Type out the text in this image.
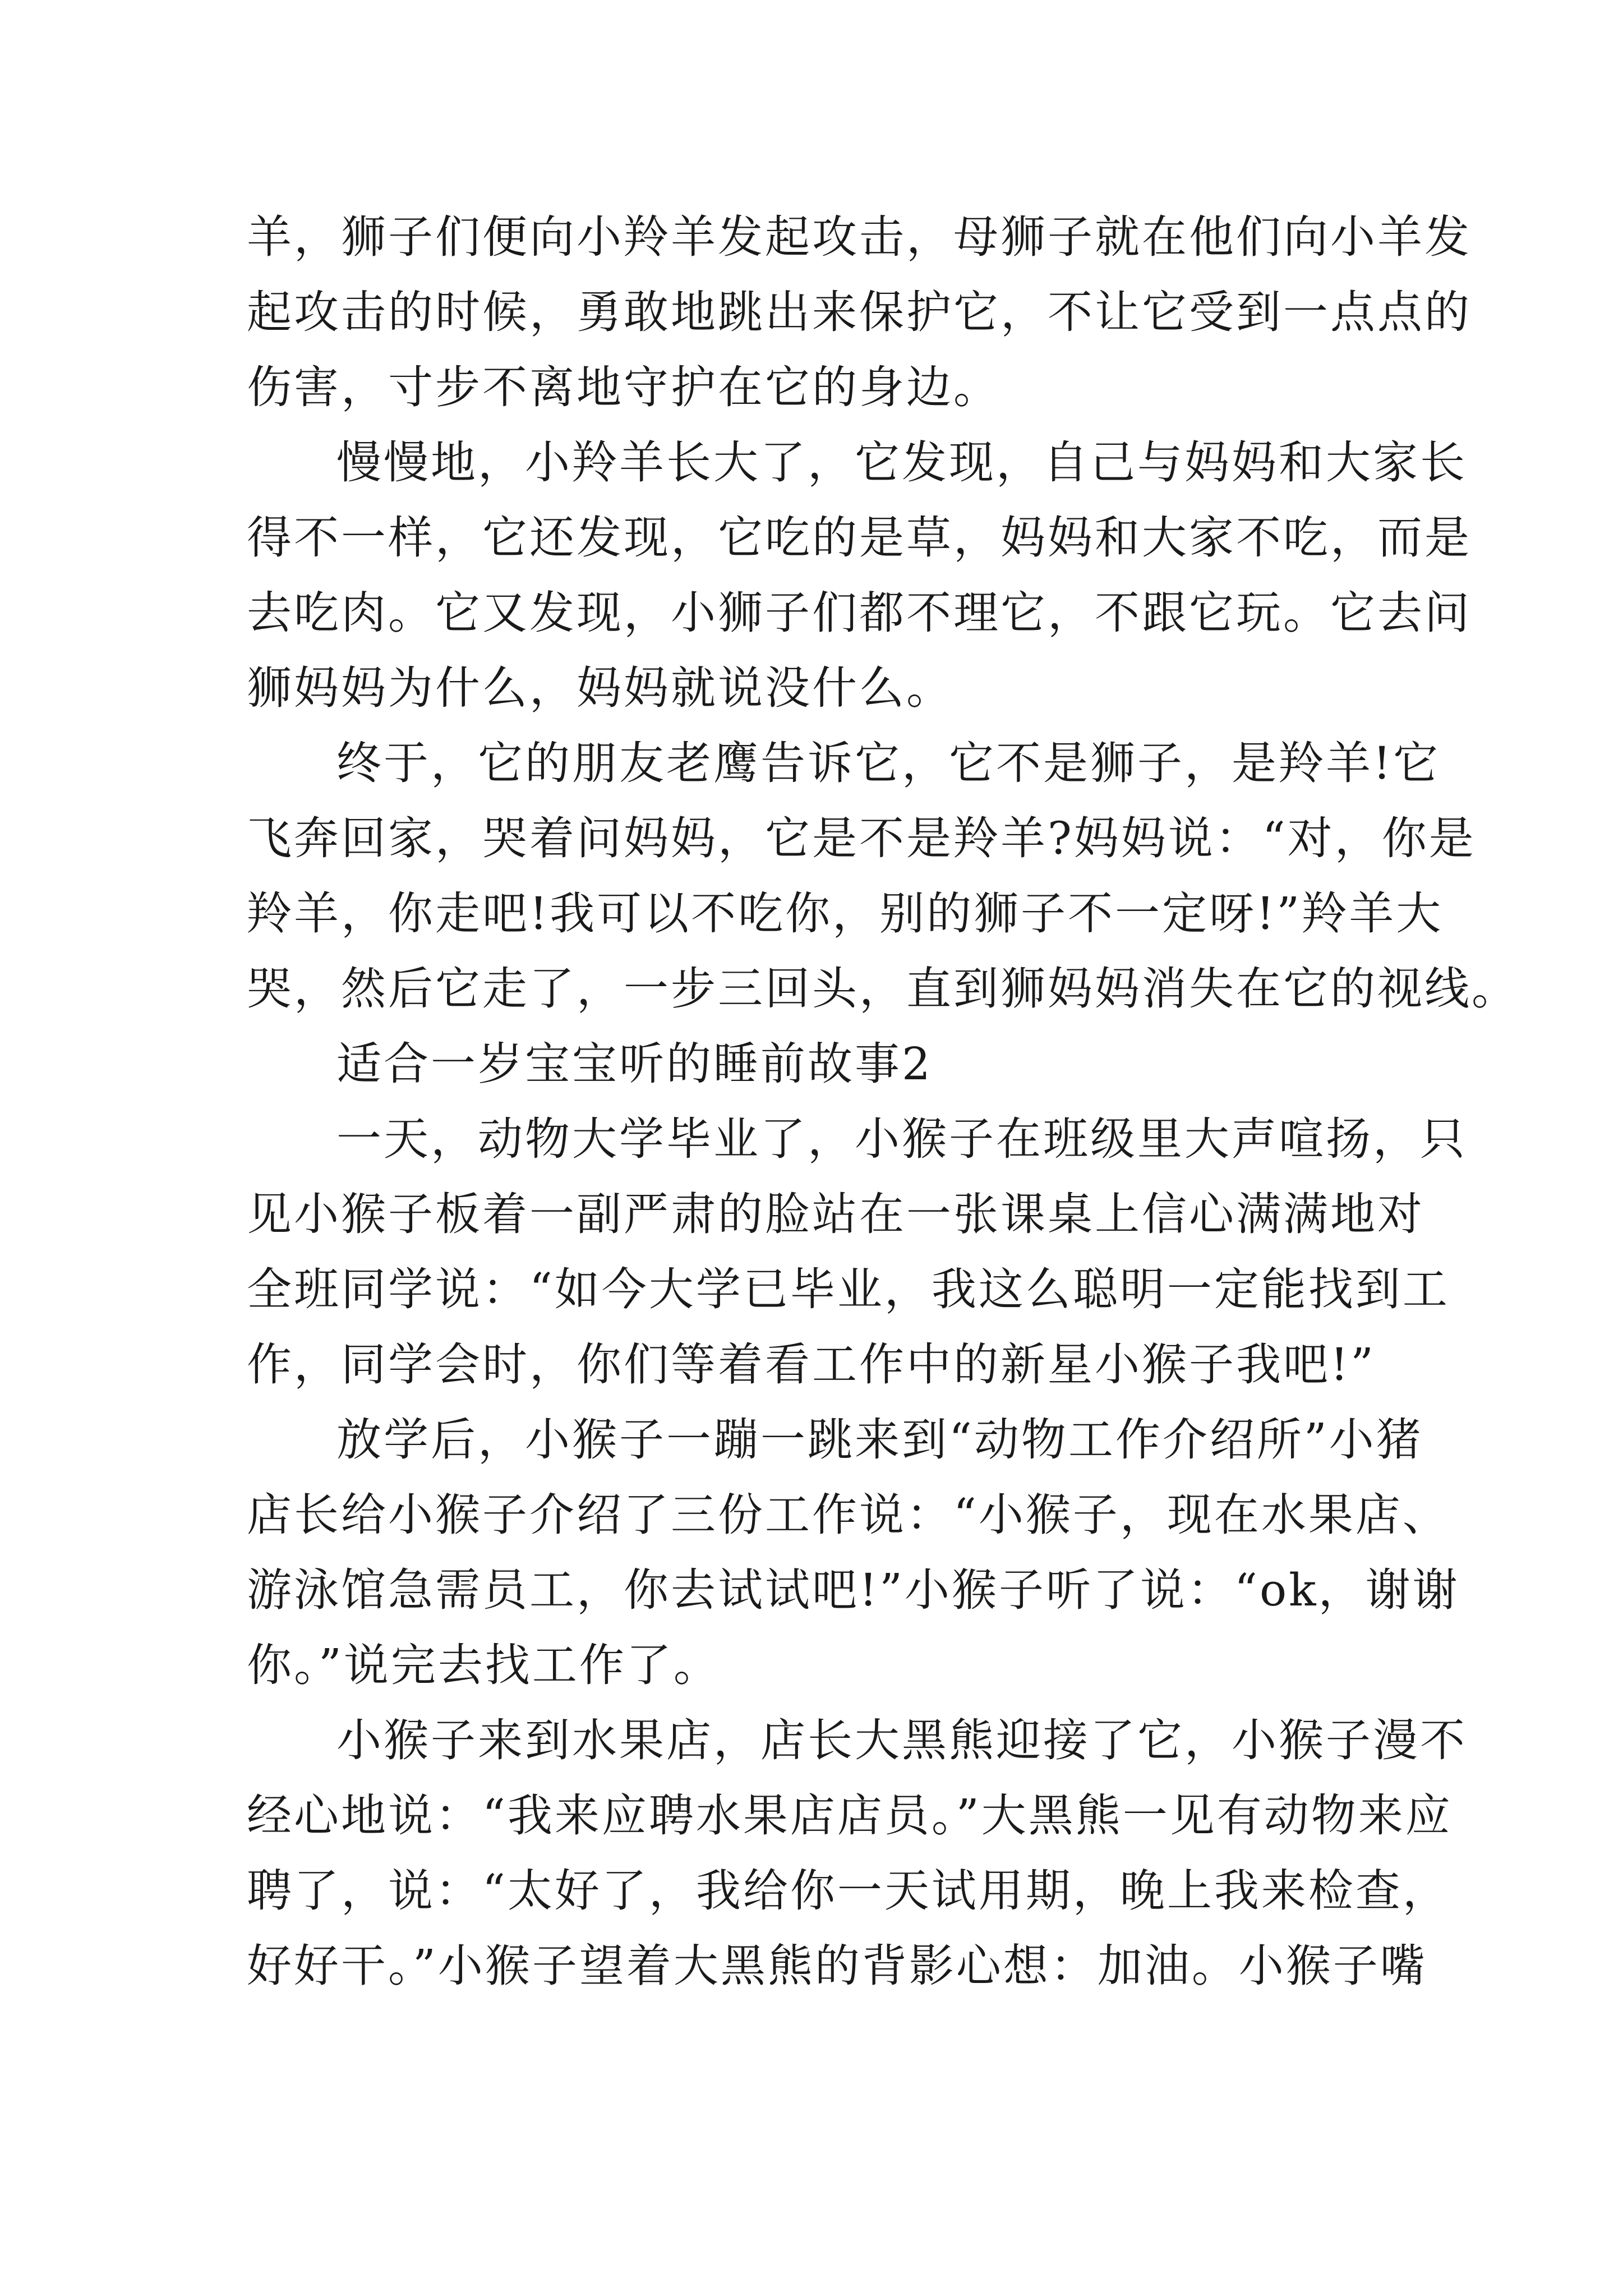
羊，狮子们便向小羚羊发起攻击，母狮子就在他们向小羊发
起攻击的时候，勇敢地跳出来保护它，不让它受到一点点的
伤害，寸步不离地守护在它的身边。
慢慢地，小羚羊长大了，它发现，自己与妈妈和大家长
得不一样，它还发现，它吃的是草，妈妈和大家不吃，而是
去吃肉。它又发现，小狮子们都不理它，不跟它玩。它去问
狮妈妈为什么，妈妈就说没什么。
终于，它的朋友老鹰告诉它，它不是狮子，是羚羊!它
飞奔回家，哭着问妈妈，它是不是羚羊?妈妈说：“对，你是
羚羊，你走吧!我可以不吃你，别的狮子不一定呀!”羚羊大
哭，然后它走了，一步三回头，直到狮妈妈消失在它的视线。
适合一岁宝宝听的睡前故事2
一天，动物大学毕业了，小猴子在班级里大声喧扬，只
见小猴子板着一副严肃的脸站在一张课桌上信心满满地对
全班同学说：“如今大学已毕业，我这么聪明一定能找到工
作，同学会时，你们等着看工作中的新星小猴子我吧!”
放学后，小猴子一蹦一跳来到“动物工作介绍所”小猪
店长给小猴子介绍了三份工作说：“小猴子，现在水果店、
游泳馆急需员工，你去试试吧!”小猴子听了说：“ok，谢谢
你。”说完去找工作了。
小猴子来到水果店，店长大黑熊迎接了它，小猴子漫不
经心地说：“我来应聘水果店店员。”大黑熊一见有动物来应
聘了，说：“太好了，我给你一天试用期，晚上我来检查，
好好干。”小猴子望着大黑熊的背影心想：加油。小猴子嘴
